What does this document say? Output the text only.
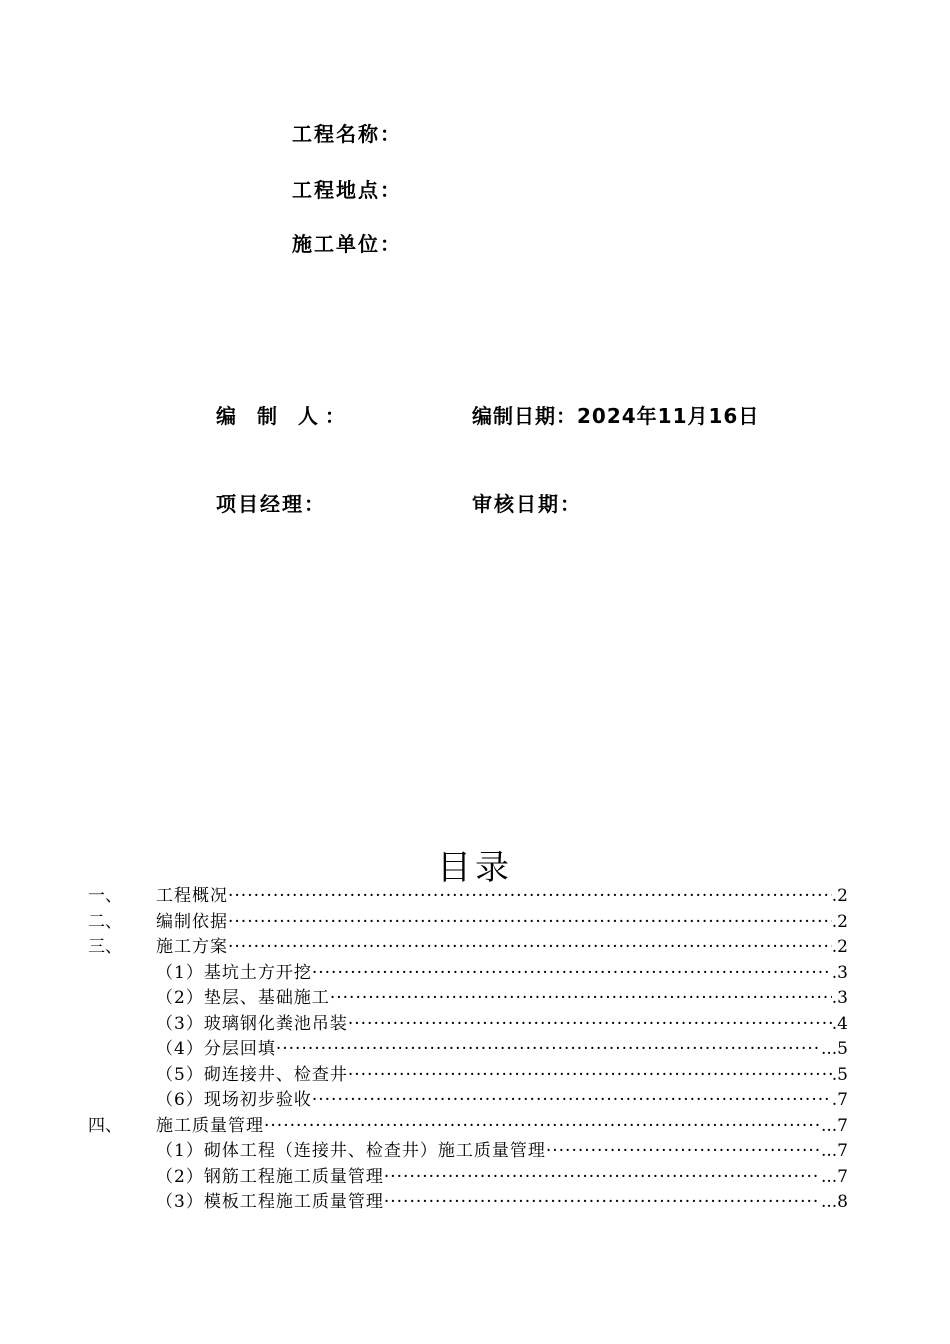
工程名称：
工程地点：
施工单位：
编 制 人：	编制日期：2024年11月16日
项目经理：	审核日期：
目录
一、	工程概况 ·····	.2
二、	编制依据 ·····	.2
三、	施工方案 ·····	.2
（1）基坑土方开挖 ·····	.3
（2）垫层、基础施工 ·····	.3
（3）玻璃钢化粪池吊装 ·····	.4
（4）分层回填 ·····	...5
（5）砌连接井、检查井 ·····	.5
（6）现场初步验收 ·····	.7
四、	施工质量管理 ·····	...7
（1）砌体工程（连接井、检查井）施工质量管理 ·····	...7
（2）钢筋工程施工质量管理 ·····	...7
（3）模板工程施工质量管理 ·····	...8
